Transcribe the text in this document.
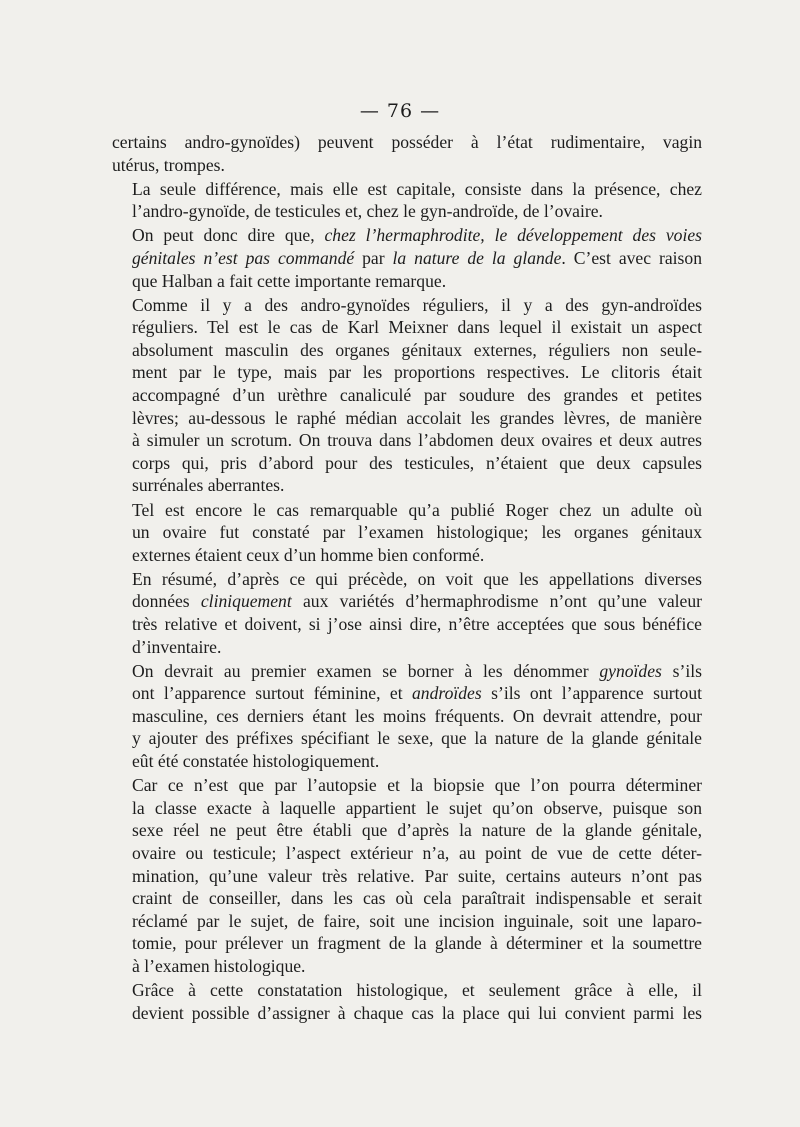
— 76 —
certains andro-gynoïdes) peuvent posséder à l’état rudimentaire, vagin
utérus, trompes.
La seule différence, mais elle est capitale, consiste dans la présence, chez
l’andro-gynoïde, de testicules et, chez le gyn-androïde, de l’ovaire.
On peut donc dire que, chez l’hermaphrodite, le développement des voies
génitales n’est pas commandé par la nature de la glande. C’est avec raison
que Halban a fait cette importante remarque.
Comme il y a des andro-gynoïdes réguliers, il y a des gyn-androïdes
réguliers. Tel est le cas de Karl Meixner dans lequel il existait un aspect
absolument masculin des organes génitaux externes, réguliers non seule-
ment par le type, mais par les proportions respectives. Le clitoris était
accompagné d’un urèthre canaliculé par soudure des grandes et petites
lèvres; au-dessous le raphé médian accolait les grandes lèvres, de manière
à simuler un scrotum. On trouva dans l’abdomen deux ovaires et deux autres
corps qui, pris d’abord pour des testicules, n’étaient que deux capsules
surrénales aberrantes.
Tel est encore le cas remarquable qu’a publié Roger chez un adulte où
un ovaire fut constaté par l’examen histologique; les organes génitaux
externes étaient ceux d’un homme bien conformé.
En résumé, d’après ce qui précède, on voit que les appellations diverses
données cliniquement aux variétés d’hermaphrodisme n’ont qu’une valeur
très relative et doivent, si j’ose ainsi dire, n’être acceptées que sous bénéfice
d’inventaire.
On devrait au premier examen se borner à les dénommer gynoïdes s’ils
ont l’apparence surtout féminine, et androïdes s’ils ont l’apparence surtout
masculine, ces derniers étant les moins fréquents. On devrait attendre, pour
y ajouter des préfixes spécifiant le sexe, que la nature de la glande génitale
eût été constatée histologiquement.
Car ce n’est que par l’autopsie et la biopsie que l’on pourra déterminer
la classe exacte à laquelle appartient le sujet qu’on observe, puisque son
sexe réel ne peut être établi que d’après la nature de la glande génitale,
ovaire ou testicule; l’aspect extérieur n’a, au point de vue de cette déter-
mination, qu’une valeur très relative. Par suite, certains auteurs n’ont pas
craint de conseiller, dans les cas où cela paraîtrait indispensable et serait
réclamé par le sujet, de faire, soit une incision inguinale, soit une laparo-
tomie, pour prélever un fragment de la glande à déterminer et la soumettre
à l’examen histologique.
Grâce à cette constatation histologique, et seulement grâce à elle, il
devient possible d’assigner à chaque cas la place qui lui convient parmi les
